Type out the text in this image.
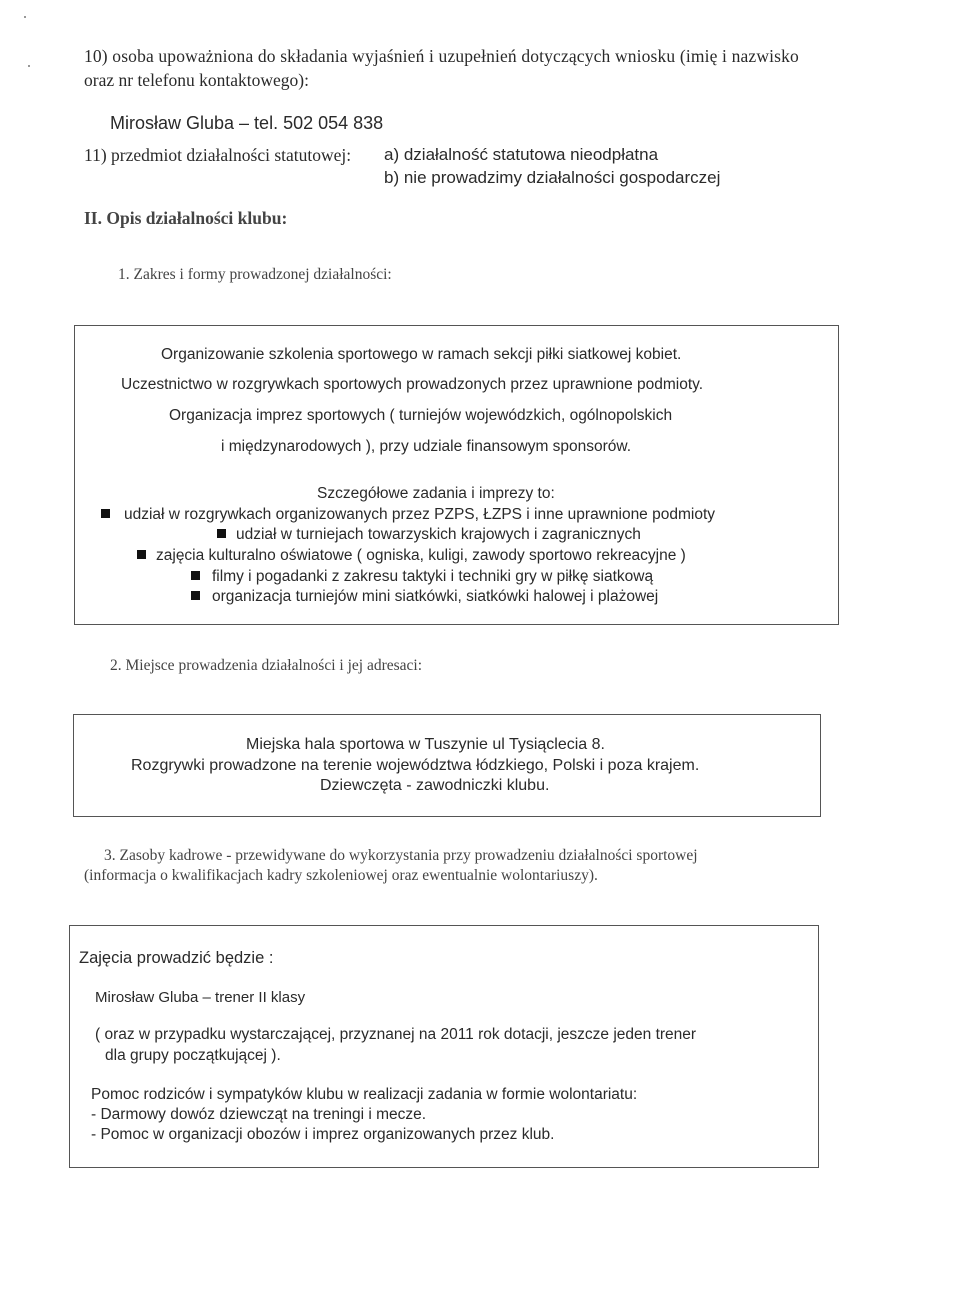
10) osoba upoważniona do składania wyjaśnień i uzupełnień dotyczących wniosku (imię i nazwisko
oraz nr telefonu kontaktowego):
Mirosław Gluba – tel. 502 054 838
11) przedmiot działalności statutowej: a) działalność statutowa nieodpłatna
b) nie prowadzimy działalności gospodarczej
II. Opis działalności klubu:
1. Zakres i formy prowadzonej działalności:
Organizowanie szkolenia sportowego w ramach sekcji piłki siatkowej kobiet.
Uczestnictwo w rozgrywkach sportowych prowadzonych przez uprawnione podmioty.
Organizacja imprez sportowych ( turniejów wojewódzkich, ogólnopolskich
i międzynarodowych ), przy udziale finansowym sponsorów.
Szczegółowe zadania i imprezy to:
udział w rozgrywkach organizowanych przez PZPS, ŁZPS i inne uprawnione podmioty
udział w turniejach towarzyskich krajowych i zagranicznych
zajęcia kulturalno oświatowe ( ogniska, kuligi, zawody sportowo rekreacyjne )
filmy i pogadanki z zakresu taktyki i techniki gry w piłkę siatkową
organizacja turniejów mini siatkówki, siatkówki halowej i plażowej
2. Miejsce prowadzenia działalności i jej adresaci:
Miejska hala sportowa w Tuszynie ul Tysiąclecia 8.
Rozgrywki prowadzone na terenie województwa łódzkiego, Polski i poza krajem.
Dziewczęta - zawodniczki klubu.
3. Zasoby kadrowe - przewidywane do wykorzystania przy prowadzeniu działalności sportowej
(informacja o kwalifikacjach kadry szkoleniowej oraz ewentualnie wolontariuszy).
Zajęcia prowadzić będzie :
Mirosław Gluba – trener II klasy
( oraz w przypadku wystarczającej, przyznanej na 2011 rok dotacji, jeszcze jeden trener
dla grupy początkującej ).
Pomoc rodziców i sympatyków klubu w realizacji zadania w formie wolontariatu:
- Darmowy dowóz dziewcząt na treningi i mecze.
- Pomoc w organizacji obozów i imprez organizowanych przez klub.
